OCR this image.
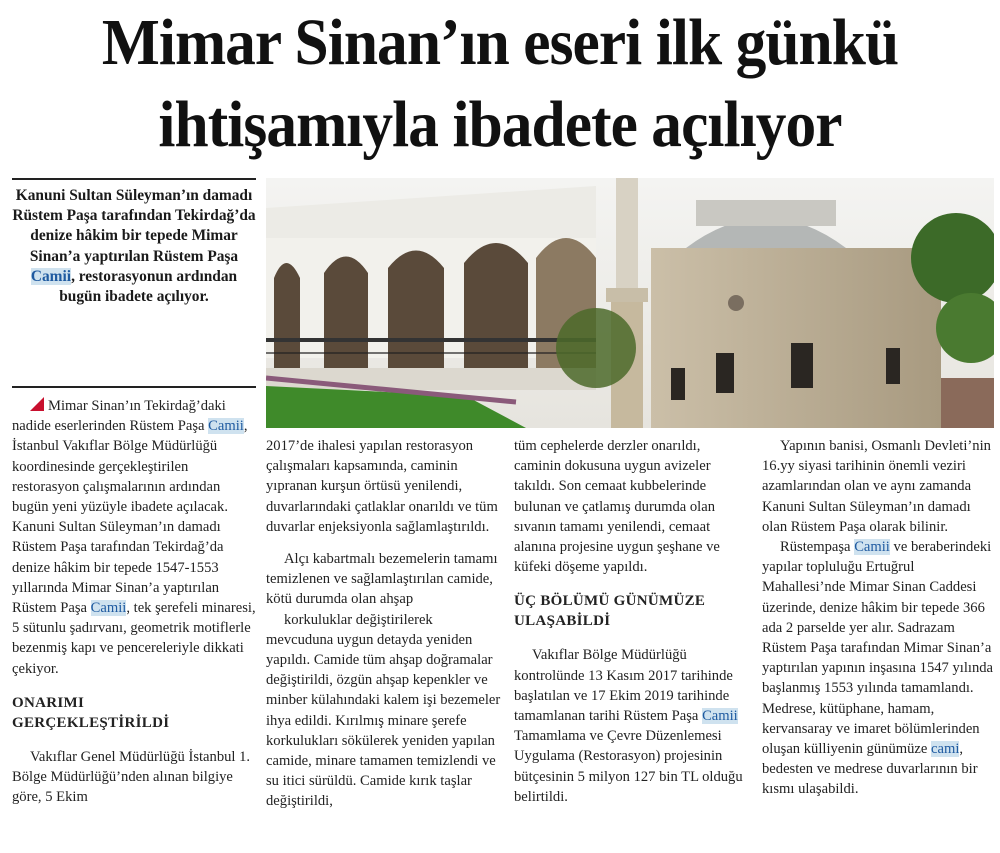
Mimar Sinan’ın eseri ilk günkü
ihtişamıyla ibadete açılıyor
Kanuni Sultan Süleyman’ın damadı Rüstem Paşa tarafından Tekirdağ’da denize hâkim bir tepede Mimar Sinan’a yaptırılan Rüstem Paşa Camii, restorasyonun ardından bugün ibadete açılıyor.

Mimar Sinan’ın Tekirdağ’daki nadide eserlerinden Rüstem Paşa Camii, İstanbul Vakıflar Bölge Müdürlüğü koordinesinde gerçekleştirilen restorasyon çalışmalarının ardından bugün yeni yüzüyle ibadete açılacak. Kanuni Sultan Süleyman’ın damadı Rüstem Paşa tarafından Tekirdağ’da denize hâkim bir tepede 1547-1553 yıllarında Mimar Sinan’a yaptırılan Rüstem Paşa Camii, tek şerefeli minaresi, 5 sütunlu şadırvanı, geometrik motiflerle bezenmiş kapı ve pencereleriyle dikkati çekiyor.

ONARIMI
GERÇEKLEŞTİRİLDİ

Vakıflar Genel Müdürlüğü İstanbul 1. Bölge Müdürlüğü’nden alınan bilgiye göre, 5 Ekim

2017’de ihalesi yapılan restorasyon çalışmaları kapsamında, caminin yıpranan kurşun örtüsü yenilendi, duvarlarındaki çatlaklar onarıldı ve tüm duvarlar enjeksiyonla sağlamlaştırıldı.

Alçı kabartmalı bezemelerin tamamı temizlenen ve sağlamlaştırılan camide, kötü durumda olan ahşap

korkuluklar değiştirilerek mevcuduna uygun detayda yeniden yapıldı. Camide tüm ahşap doğramalar değiştirildi, özgün ahşap kepenkler ve minber külahındaki kalem işi bezemeler ihya edildi. Kırılmış minare şerefe korkulukları sökülerek yeniden yapılan camide, minare tamamen temizlendi ve su itici sürüldü. Camide kırık taşlar değiştirildi,

tüm cephelerde derzler onarıldı, caminin dokusuna uygun avizeler takıldı. Son cemaat kubbelerinde bulunan ve çatlamış durumda olan sıvanın tamamı yenilendi, cemaat alanına projesine uygun şeşhane ve küfeki döşeme yapıldı.

ÜÇ BÖLÜMÜ GÜNÜMÜZE
ULAŞABİLDİ

Vakıflar Bölge Müdürlüğü kontrolünde 13 Kasım 2017 tarihinde başlatılan ve 17 Ekim 2019 tarihinde tamamlanan tarihi Rüstem Paşa Camii Tamamlama ve Çevre Düzenlemesi Uygulama (Restorasyon) projesinin bütçesinin 5 milyon 127 bin TL olduğu belirtildi.

Yapının banisi, Osmanlı Devleti’nin 16.yy siyasi tarihinin önemli veziri azamlarından olan ve aynı zamanda Kanuni Sultan Süleyman’ın damadı olan Rüstem Paşa olarak bilinir.

Rüstempaşa Camii ve beraberindeki yapılar topluluğu Ertuğrul Mahallesi’nde Mimar Sinan Caddesi üzerinde, denize hâkim bir tepede 366 ada 2 parselde yer alır. Sadrazam Rüstem Paşa tarafından Mimar Sinan’a yaptırılan yapının inşasına 1547 yılında başlanmış 1553 yılında tamamlandı. Medrese, kütüphane, hamam, kervansaray ve imaret bölümlerinden oluşan külliyenin günümüze cami, bedesten ve medrese duvarlarının bir kısmı ulaşabildi.
